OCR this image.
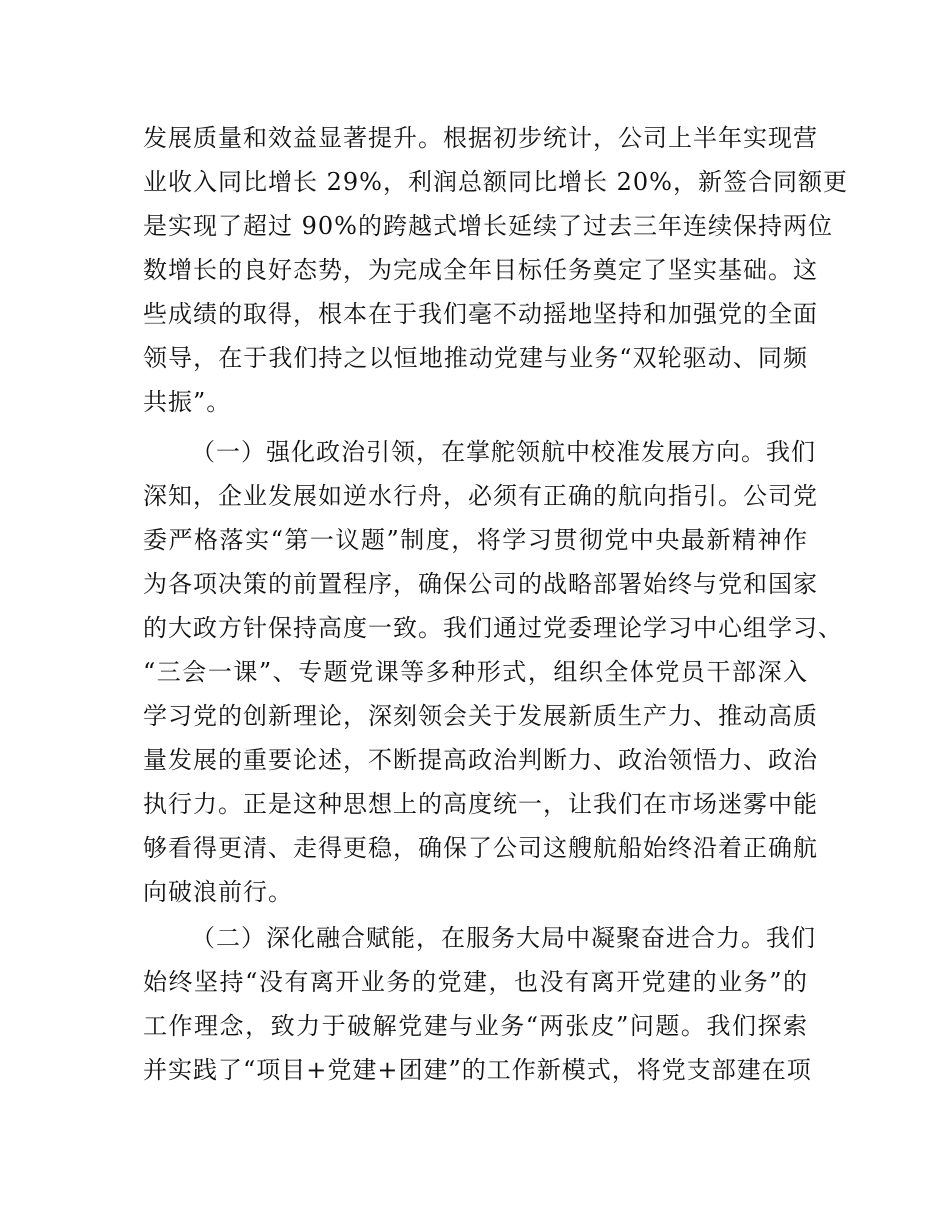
发展质量和效益显著提升。根据初步统计，公司上半年实现营
业收入同比增长 29%，利润总额同比增长 20%，新签合同额更
是实现了超过 90%的跨越式增长延续了过去三年连续保持两位
数增长的良好态势，为完成全年目标任务奠定了坚实基础。这
些成绩的取得，根本在于我们毫不动摇地坚持和加强党的全面
领导，在于我们持之以恒地推动党建与业务“双轮驱动、同频
共振”。
（一）强化政治引领，在掌舵领航中校准发展方向。我们
深知，企业发展如逆水行舟，必须有正确的航向指引。公司党
委严格落实“第一议题”制度，将学习贯彻党中央最新精神作
为各项决策的前置程序，确保公司的战略部署始终与党和国家
的大政方针保持高度一致。我们通过党委理论学习中心组学习、
“三会一课”、专题党课等多种形式，组织全体党员干部深入
学习党的创新理论，深刻领会关于发展新质生产力、推动高质
量发展的重要论述，不断提高政治判断力、政治领悟力、政治
执行力。正是这种思想上的高度统一，让我们在市场迷雾中能
够看得更清、走得更稳，确保了公司这艘航船始终沿着正确航
向破浪前行。
（二）深化融合赋能，在服务大局中凝聚奋进合力。我们
始终坚持“没有离开业务的党建，也没有离开党建的业务”的
工作理念，致力于破解党建与业务“两张皮”问题。我们探索
并实践了“项目+党建+团建”的工作新模式，将党支部建在项
